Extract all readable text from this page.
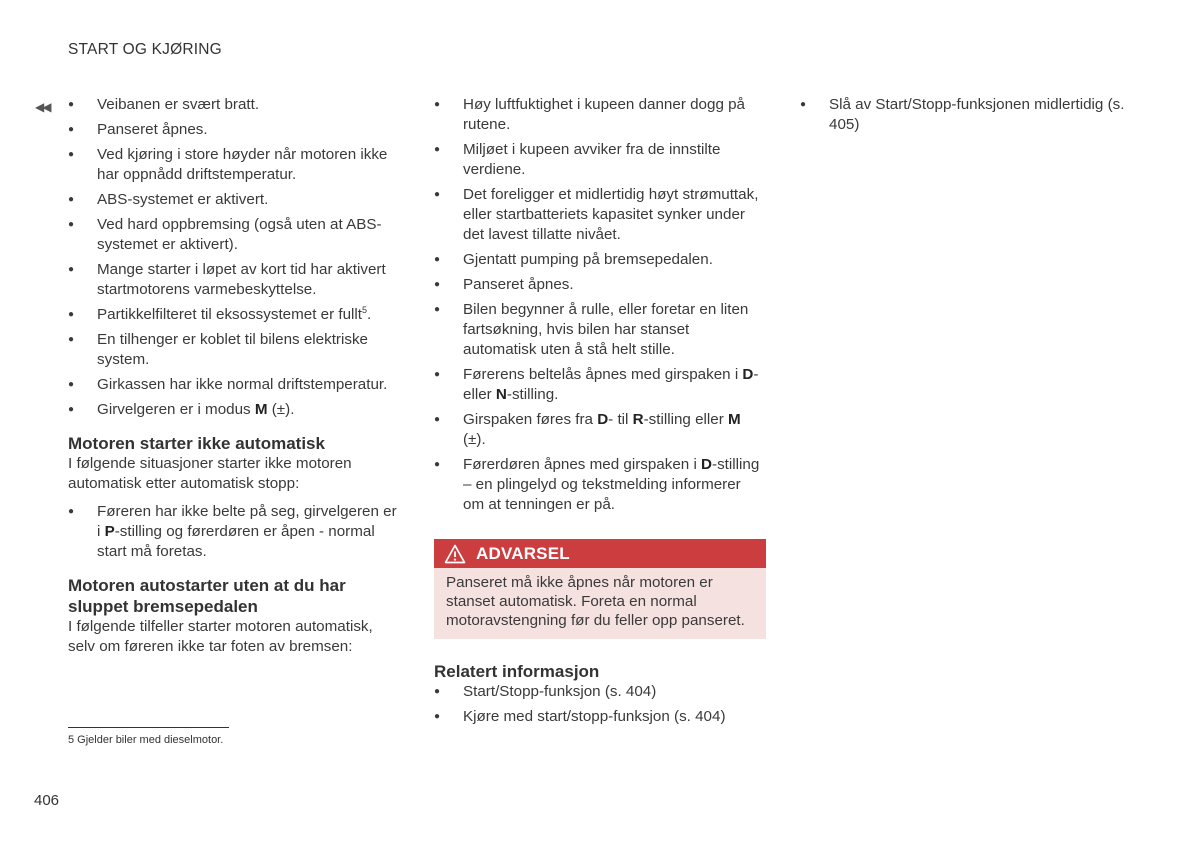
START OG KJØRING
◀◀
●	Veibanen er svært bratt.
● Panseret åpnes.
● Ved kjøring i store høyder når motoren ikke har oppnådd driftstemperatur.
● ABS-systemet er aktivert.
● Ved hard oppbremsing (også uten at ABS-systemet er aktivert).
● Mange starter i løpet av kort tid har aktivert startmotorens varmebeskyttelse.
● Partikkelfilteret til eksossystemet er fullt$^5$.
● En tilhenger er koblet til bilens elektriske system.
● Girkassen har ikke normal driftstemperatur.
● Girvelgeren er i modus M (±).
Motoren starter ikke automatisk

I følgende situasjoner starter ikke motoren automatisk etter automatisk stopp:

● Føreren har ikke belte på seg, girvelgeren er i P-stilling og førerdøren er åpen - normal start må foretas.
Motoren autostarter uten at du har sluppet bremsepedalen

I følgende tilfeller starter motoren automatisk, selv om føreren ikke tar foten av bremsen:

● Høy luftfuktighet i kupeen danner dogg på rutene.
● Miljøet i kupeen avviker fra de innstilte verdiene.
● Det foreligger et midlertidig høyt strømuttak, eller startbatteriets kapasitet synker under det lavest tillatte nivået.
● Gjentatt pumping på bremsepedalen.
● Panseret åpnes.
● Bilen begynner å rulle, eller foretar en liten fartsøkning, hvis bilen har stanset automatisk uten å stå helt stille.
● Førerens beltelås åpnes med girspaken i D- eller N-stilling.
● Girspaken føres fra D- til R-stilling eller M (±).
● Førerdøren åpnes med girspaken i D-stilling – en plingelyd og tekstmelding informerer om at tenningen er på.
ADVARSEL
Panseret må ikke åpnes når motoren er stanset automatisk. Foreta en normal motoravstengning før du feller opp panseret.
Relatert informasjon
● Start/Stopp-funksjon (s. 404)
● Kjøre med start/stopp-funksjon (s. 404)
● Slå av Start/Stopp-funksjonen midlertidig (s. 405)
5 Gjelder biler med dieselmotor.
406
